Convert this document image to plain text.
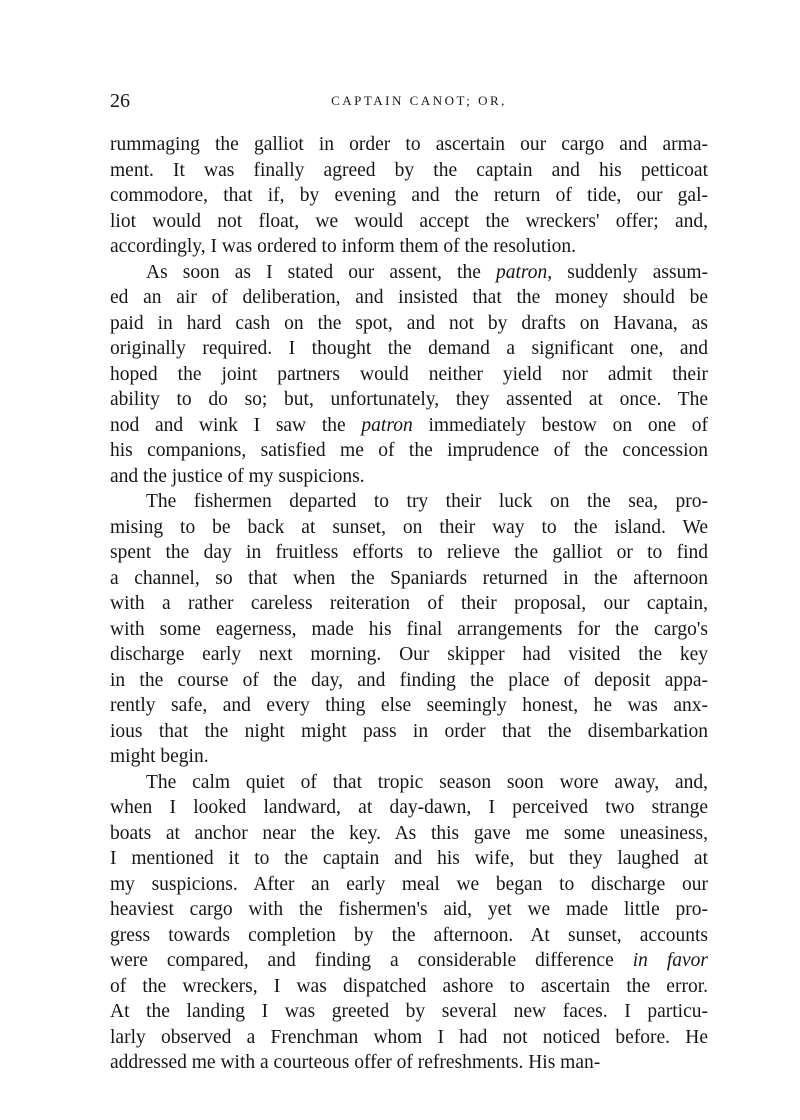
26	CAPTAIN CANOT; OR,
rummaging the galliot in order to ascertain our cargo and arma-
ment. It was finally agreed by the captain and his petticoat
commodore, that if, by evening and the return of tide, our gal-
liot would not float, we would accept the wreckers' offer; and,
accordingly, I was ordered to inform them of the resolution.
As soon as I stated our assent, the patron, suddenly assum-
ed an air of deliberation, and insisted that the money should be
paid in hard cash on the spot, and not by drafts on Havana, as
originally required. I thought the demand a significant one, and
hoped the joint partners would neither yield nor admit their
ability to do so; but, unfortunately, they assented at once. The
nod and wink I saw the patron immediately bestow on one of
his companions, satisfied me of the imprudence of the concession
and the justice of my suspicions.
The fishermen departed to try their luck on the sea, pro-
mising to be back at sunset, on their way to the island. We
spent the day in fruitless efforts to relieve the galliot or to find
a channel, so that when the Spaniards returned in the afternoon
with a rather careless reiteration of their proposal, our captain,
with some eagerness, made his final arrangements for the cargo's
discharge early next morning. Our skipper had visited the key
in the course of the day, and finding the place of deposit appa-
rently safe, and every thing else seemingly honest, he was anx-
ious that the night might pass in order that the disembarkation
might begin.
The calm quiet of that tropic season soon wore away, and,
when I looked landward, at day-dawn, I perceived two strange
boats at anchor near the key. As this gave me some uneasiness,
I mentioned it to the captain and his wife, but they laughed at
my suspicions. After an early meal we began to discharge our
heaviest cargo with the fishermen's aid, yet we made little pro-
gress towards completion by the afternoon. At sunset, accounts
were compared, and finding a considerable difference in favor
of the wreckers, I was dispatched ashore to ascertain the error.
At the landing I was greeted by several new faces. I particu-
larly observed a Frenchman whom I had not noticed before. He
addressed me with a courteous offer of refreshments. His man-
